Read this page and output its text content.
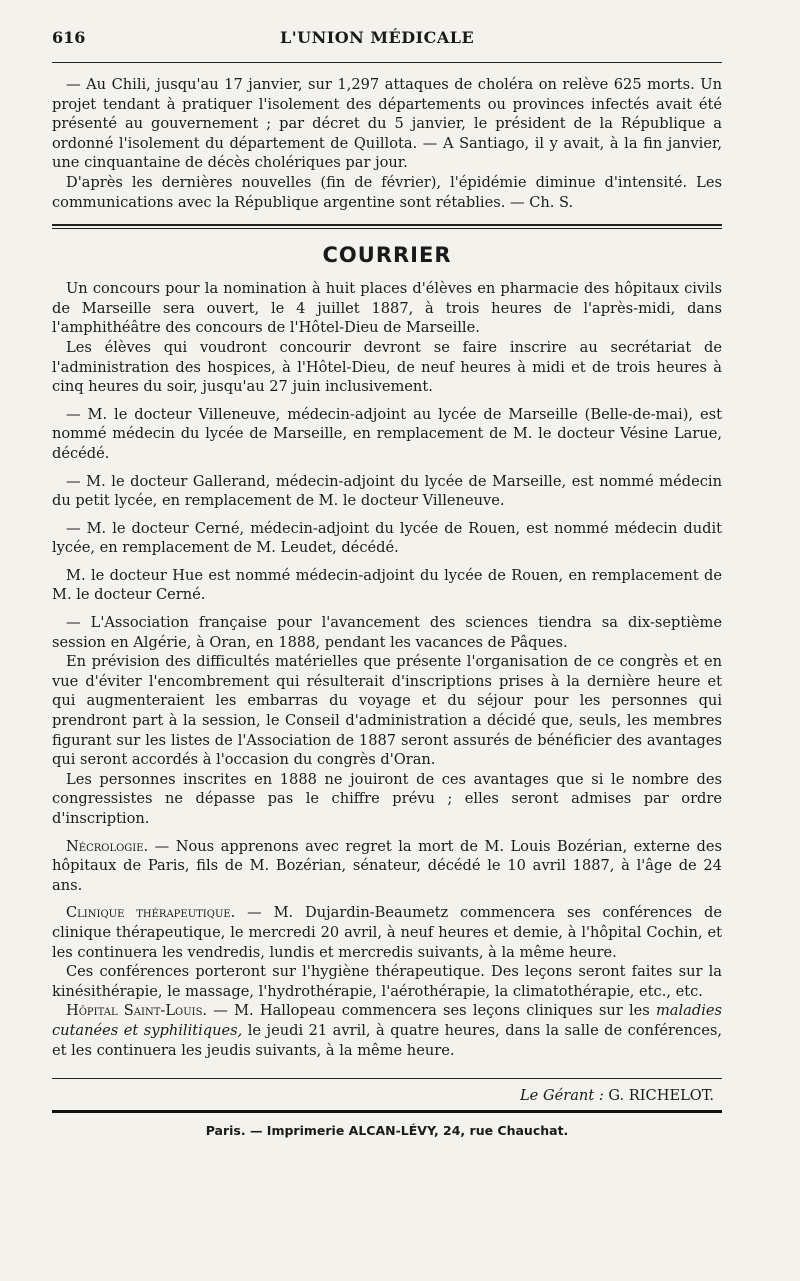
616	L'UNION MÉDICALE

— Au Chili, jusqu'au 17 janvier, sur 1,297 attaques de choléra on relève 625 morts. Un projet tendant à pratiquer l'isolement des départements ou provinces infectés avait été présenté au gouvernement ; par décret du 5 janvier, le président de la République a ordonné l'isolement du département de Quillota. — A Santiago, il y avait, à la fin janvier, une cinquantaine de décès cholériques par jour.

D'après les dernières nouvelles (fin de février), l'épidémie diminue d'intensité. Les communications avec la République argentine sont rétablies. — Ch. S.

COURRIER

Un concours pour la nomination à huit places d'élèves en pharmacie des hôpitaux civils de Marseille sera ouvert, le 4 juillet 1887, à trois heures de l'après-midi, dans l'amphithéâtre des concours de l'Hôtel-Dieu de Marseille.

Les élèves qui voudront concourir devront se faire inscrire au secrétariat de l'administration des hospices, à l'Hôtel-Dieu, de neuf heures à midi et de trois heures à cinq heures du soir, jusqu'au 27 juin inclusivement.

— M. le docteur Villeneuve, médecin-adjoint au lycée de Marseille (Belle-de-mai), est nommé médecin du lycée de Marseille, en remplacement de M. le docteur Vésine Larue, décédé.

— M. le docteur Gallerand, médecin-adjoint du lycée de Marseille, est nommé médecin du petit lycée, en remplacement de M. le docteur Villeneuve.

— M. le docteur Cerné, médecin-adjoint du lycée de Rouen, est nommé médecin dudit lycée, en remplacement de M. Leudet, décédé.

M. le docteur Hue est nommé médecin-adjoint du lycée de Rouen, en remplacement de M. le docteur Cerné.

— L'Association française pour l'avancement des sciences tiendra sa dix-septième session en Algérie, à Oran, en 1888, pendant les vacances de Pâques.

En prévision des difficultés matérielles que présente l'organisation de ce congrès et en vue d'éviter l'encombrement qui résulterait d'inscriptions prises à la dernière heure et qui augmenteraient les embarras du voyage et du séjour pour les personnes qui prendront part à la session, le Conseil d'administration a décidé que, seuls, les membres figurant sur les listes de l'Association de 1887 seront assurés de bénéficier des avantages qui seront accordés à l'occasion du congrès d'Oran.

Les personnes inscrites en 1888 ne jouiront de ces avantages que si le nombre des congressistes ne dépasse pas le chiffre prévu ; elles seront admises par ordre d'inscription.

Nécrologie. — Nous apprenons avec regret la mort de M. Louis Bozérian, externe des hôpitaux de Paris, fils de M. Bozérian, sénateur, décédé le 10 avril 1887, à l'âge de 24 ans.

Clinique thérapeutique. — M. Dujardin-Beaumetz commencera ses conférences de clinique thérapeutique, le mercredi 20 avril, à neuf heures et demie, à l'hôpital Cochin, et les continuera les vendredis, lundis et mercredis suivants, à la même heure.

Ces conférences porteront sur l'hygiène thérapeutique. Des leçons seront faites sur la kinésithérapie, le massage, l'hydrothérapie, l'aérothérapie, la climatothérapie, etc., etc.

Hôpital Saint-Louis. — M. Hallopeau commencera ses leçons cliniques sur les maladies cutanées et syphilitiques, le jeudi 21 avril, à quatre heures, dans la salle de conférences, et les continuera les jeudis suivants, à la même heure.

Le Gérant : G. RICHELOT.
Paris. — Imprimerie ALCAN-LÉVY, 24, rue Chauchat.
